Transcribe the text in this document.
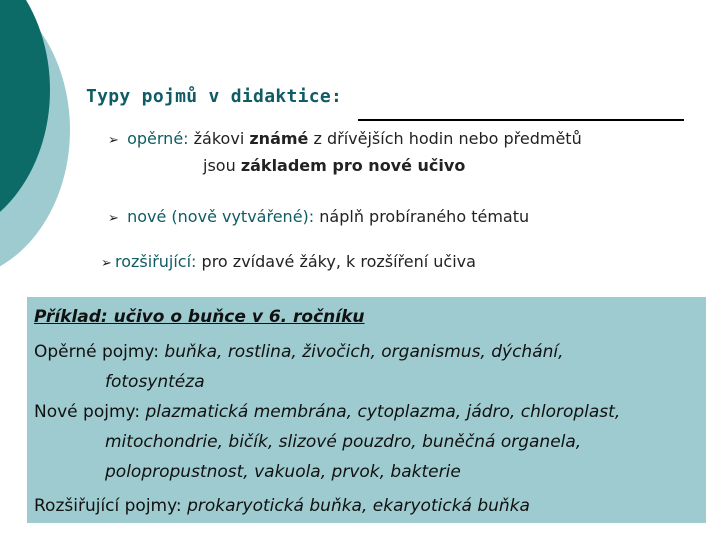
Typy pojmů v didaktice:
➢ opěrné: žákovi známé z dřívějších hodin nebo předmětů
jsou základem pro nové učivo
➢ nové (nově vytvářené): náplň probíraného tématu
➢ rozšiřující: pro zvídavé žáky, k rozšíření učiva
Příklad: učivo o buňce v 6. ročníku
Opěrné pojmy: buňka, rostlina, živočich, organismus, dýchání,
fotosyntéza
Nové pojmy: plazmatická membrána, cytoplazma, jádro, chloroplast,
mitochondrie, bičík, slizové pouzdro, buněčná organela,
polopropustnost, vakuola, prvok, bakterie
Rozšiřující pojmy: prokaryotická buňka, ekaryotická buňka
